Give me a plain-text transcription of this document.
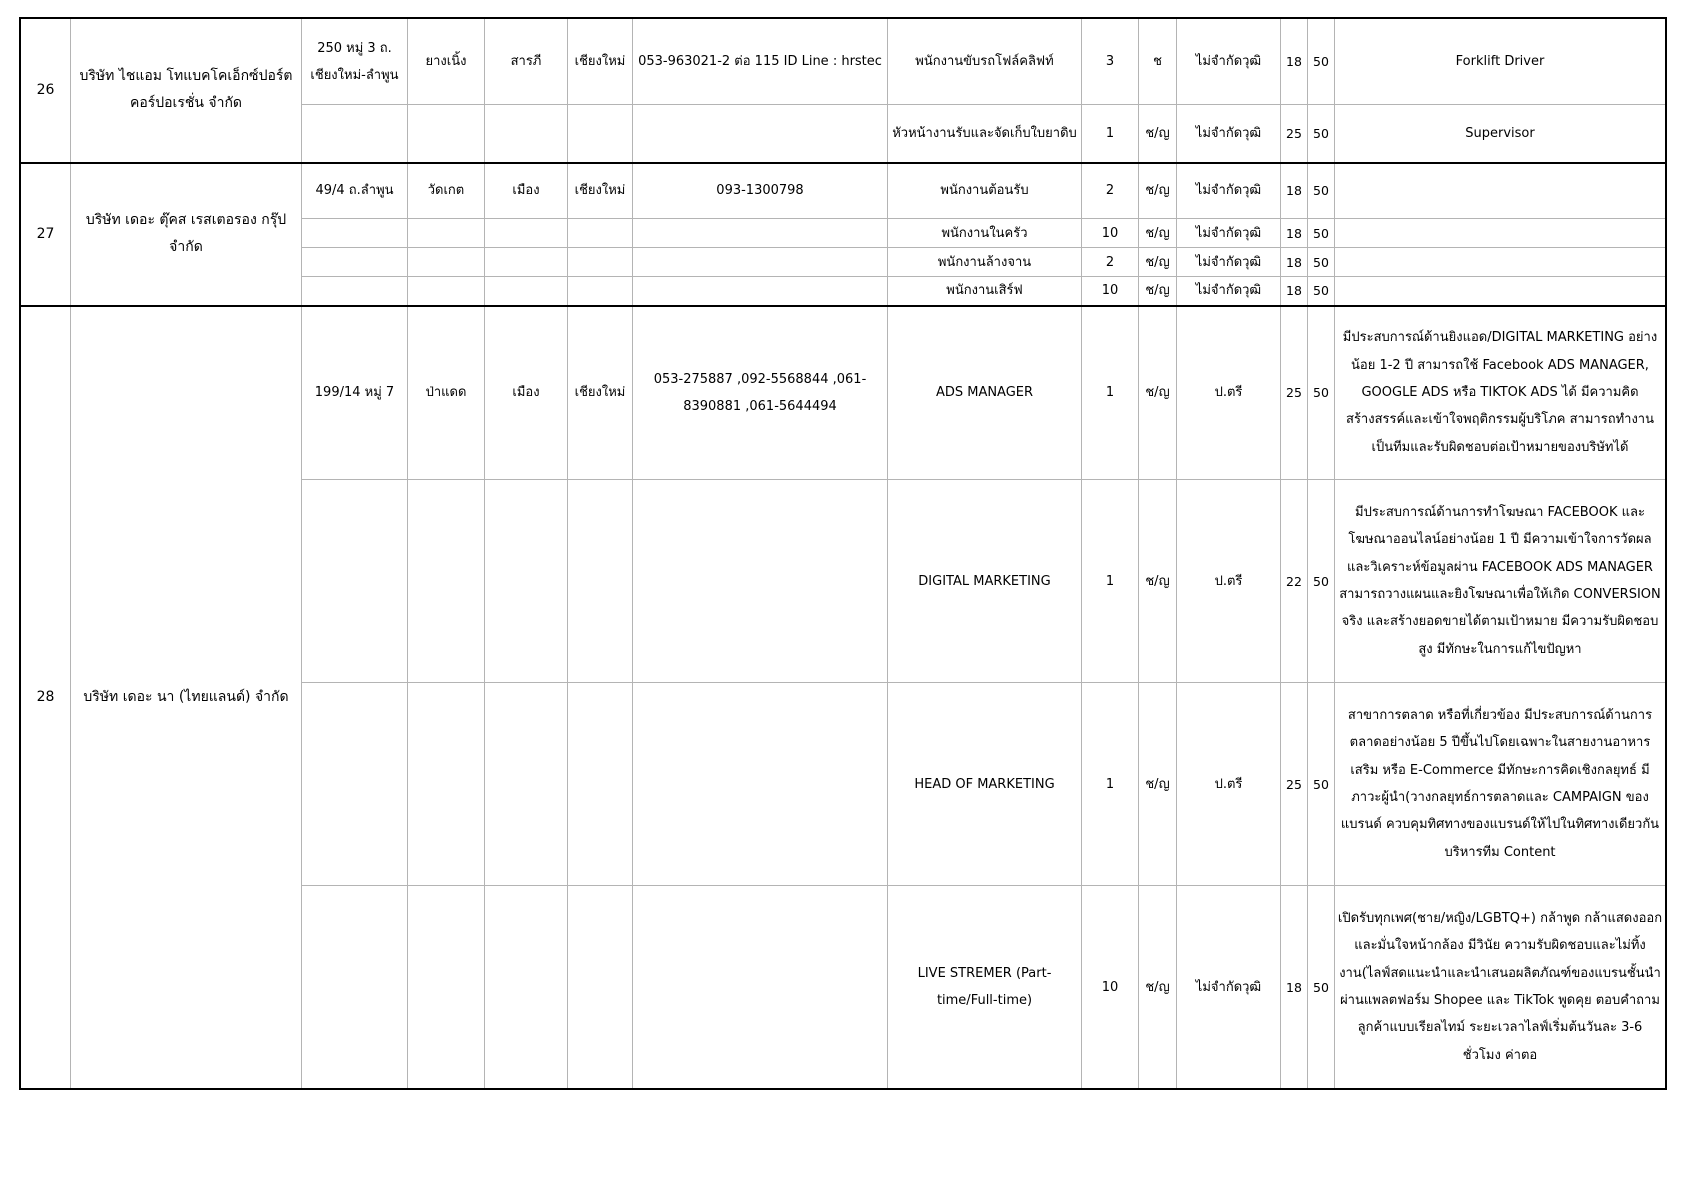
26	บริษัท ไชแอม โทแบคโคเอ็กซ์ปอร์ต คอร์ปอเรชั่น จำกัด	250 หมู่ 3 ถ. เชียงใหม่-ลำพูน	ยางเนิ้ง	สารภี	เชียงใหม่	053-963021-2 ต่อ 115 ID Line : hrstec	พนักงานขับรถโฟล์คลิฟท์	3	ช	ไม่จำกัดวุฒิ	18	50	Forklift Driver
							หัวหน้างานรับและจัดเก็บใบยาดิบ	1	ช/ญ	ไม่จำกัดวุฒิ	25	50	Supervisor
27	บริษัท เดอะ ตุ๊คส เรสเตอรอง กรุ๊ป จำกัด	49/4 ถ.ลำพูน	วัดเกต	เมือง	เชียงใหม่	093-1300798	พนักงานต้อนรับ	2	ช/ญ	ไม่จำกัดวุฒิ	18	50	
							พนักงานในครัว	10	ช/ญ	ไม่จำกัดวุฒิ	18	50	
							พนักงานล้างจาน	2	ช/ญ	ไม่จำกัดวุฒิ	18	50	
							พนักงานเสิร์ฟ	10	ช/ญ	ไม่จำกัดวุฒิ	18	50	
28	บริษัท เดอะ นา (ไทยแลนด์) จำกัด	199/14 หมู่ 7	ป่าแดด	เมือง	เชียงใหม่	053-275887 ,092-5568844 ,061-8390881 ,061-5644494	ADS MANAGER	1	ช/ญ	ป.ตรี	25	50	มีประสบการณ์ด้านยิงแอด/DIGITAL MARKETING อย่างน้อย 1-2 ปี สามารถใช้ Facebook ADS MANAGER, GOOGLE ADS หรือ TIKTOK ADS ได้ มีความคิดสร้างสรรค์และเข้าใจพฤติกรรมผู้บริโภค สามารถทำงานเป็นทีมและรับผิดชอบต่อเป้าหมายของบริษัทได้
							DIGITAL MARKETING	1	ช/ญ	ป.ตรี	22	50	มีประสบการณ์ด้านการทำโฆษณา FACEBOOK และโฆษณาออนไลน์อย่างน้อย 1 ปี มีความเข้าใจการวัดผลและวิเคราะห์ข้อมูลผ่าน FACEBOOK ADS MANAGER สามารถวางแผนและยิงโฆษณาเพื่อให้เกิด CONVERSION จริง และสร้างยอดขายได้ตามเป้าหมาย มีความรับผิดชอบสูง มีทักษะในการแก้ไขปัญหา
							HEAD OF MARKETING	1	ช/ญ	ป.ตรี	25	50	สาขาการตลาด หรือที่เกี่ยวข้อง มีประสบการณ์ด้านการตลาดอย่างน้อย 5 ปีขึ้นไปโดยเฉพาะในสายงานอาหารเสริม หรือ E-Commerce มีทักษะการคิดเชิงกลยุทธ์ มีภาวะผู้นำ(วางกลยุทธ์การตลาดและ CAMPAIGN ของแบรนด์ ควบคุมทิศทางของแบรนด์ให้ไปในทิศทางเดียวกัน บริหารทีม Content
							LIVE STREMER (Part-time/Full-time)	10	ช/ญ	ไม่จำกัดวุฒิ	18	50	เปิดรับทุกเพศ(ชาย/หญิง/LGBTQ+) กล้าพูด กล้าแสดงออกและมั่นใจหน้ากล้อง มีวินัย ความรับผิดชอบและไม่ทิ้งงาน(ไลฟ์สดแนะนำและนำเสนอผลิตภัณฑ์ของแบรนชั้นนำผ่านแพลตฟอร์ม Shopee และ TikTok พูดคุย ตอบคำถามลูกค้าแบบเรียลไทม์ ระยะเวลาไลฟ์เริ่มต้นวันละ 3-6 ชั่วโมง ค่าตอ
